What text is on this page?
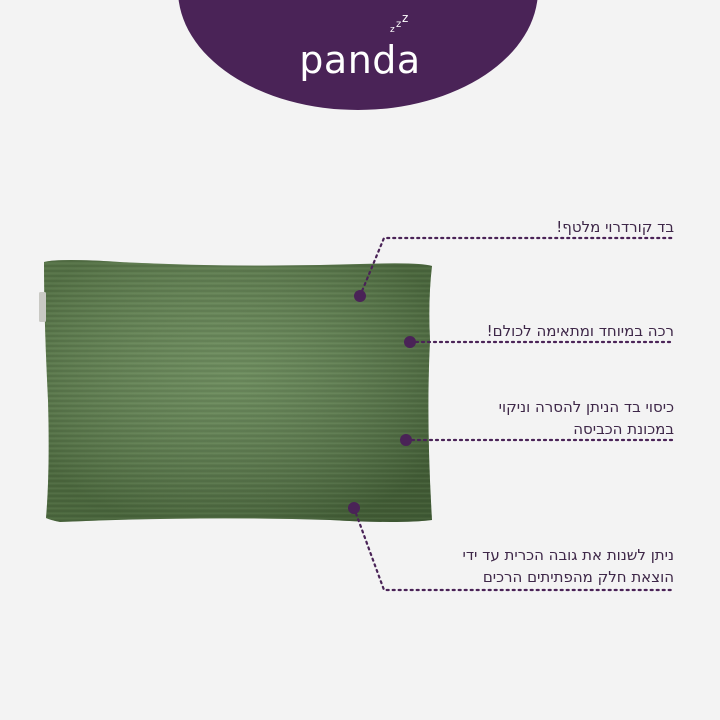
z
z
z
panda
בד קורדרוי מלטף!
רכה במיוחד ומתאימה לכולם!
כיסוי בד הניתן להסרה וניקוי
במכונת הכביסה
ניתן לשנות את גובה הכרית עד ידי
הוצאת חלק מהפתיתים הרכים
